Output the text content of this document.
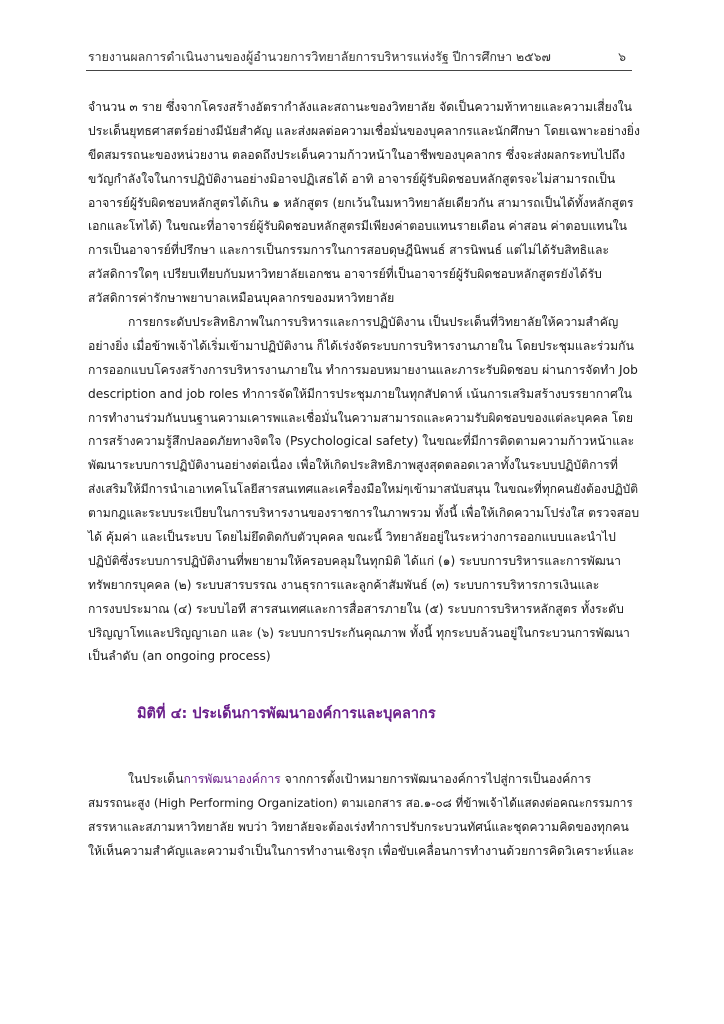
รายงานผลการดำเนินงานของผู้อำนวยการวิทยาลัยการบริหารแห่งรัฐ ปีการศึกษา ๒๕๖๗	๖
จำนวน ๓ ราย ซึ่งจากโครงสร้างอัตรากำลังและสถานะของวิทยาลัย จัดเป็นความท้าทายและความเสี่ยงใน
ประเด็นยุทธศาสตร์อย่างมีนัยสำคัญ และส่งผลต่อความเชื่อมั่นของบุคลากรและนักศึกษา โดยเฉพาะอย่างยิ่ง
ขีดสมรรถนะของหน่วยงาน ตลอดถึงประเด็นความก้าวหน้าในอาชีพของบุคลากร ซึ่งจะส่งผลกระทบไปถึง
ขวัญกำลังใจในการปฏิบัติงานอย่างมิอาจปฏิเสธได้ อาทิ อาจารย์ผู้รับผิดชอบหลักสูตรจะไม่สามารถเป็น
อาจารย์ผู้รับผิดชอบหลักสูตรได้เกิน ๑ หลักสูตร (ยกเว้นในมหาวิทยาลัยเดียวกัน สามารถเป็นได้ทั้งหลักสูตร
เอกและโทได้) ในขณะที่อาจารย์ผู้รับผิดชอบหลักสูตรมีเพียงค่าตอบแทนรายเดือน ค่าสอน ค่าตอบแทนใน
การเป็นอาจารย์ที่ปรึกษา และการเป็นกรรมการในการสอบดุษฎีนิพนธ์ สารนิพนธ์ แต่ไม่ได้รับสิทธิและ
สวัสดิการใดๆ เปรียบเทียบกับมหาวิทยาลัยเอกชน อาจารย์ที่เป็นอาจารย์ผู้รับผิดชอบหลักสูตรยังได้รับ
สวัสดิการค่ารักษาพยาบาลเหมือนบุคลากรของมหาวิทยาลัย
การยกระดับประสิทธิภาพในการบริหารและการปฏิบัติงาน เป็นประเด็นที่วิทยาลัยให้ความสำคัญ
อย่างยิ่ง เมื่อข้าพเจ้าได้เริ่มเข้ามาปฏิบัติงาน ก็ได้เร่งจัดระบบการบริหารงานภายใน โดยประชุมและร่วมกัน
การออกแบบโครงสร้างการบริหารงานภายใน ทำการมอบหมายงานและภาระรับผิดชอบ ผ่านการจัดทำ Job
description and job roles ทำการจัดให้มีการประชุมภายในทุกสัปดาห์ เน้นการเสริมสร้างบรรยากาศใน
การทำงานร่วมกันบนฐานความเคารพและเชื่อมั่นในความสามารถและความรับผิดชอบของแต่ละบุคคล โดย
การสร้างความรู้สึกปลอดภัยทางจิตใจ (Psychological safety) ในขณะที่มีการติดตามความก้าวหน้าและ
พัฒนาระบบการปฏิบัติงานอย่างต่อเนื่อง เพื่อให้เกิดประสิทธิภาพสูงสุดตลอดเวลาทั้งในระบบปฏิบัติการที่
ส่งเสริมให้มีการนำเอาเทคโนโลยีสารสนเทศและเครื่องมือใหม่ๆเข้ามาสนับสนุน ในขณะที่ทุกคนยังต้องปฏิบัติ
ตามกฎและระบบระเบียบในการบริหารงานของราชการในภาพรวม ทั้งนี้ เพื่อให้เกิดความโปร่งใส ตรวจสอบ
ได้ คุ้มค่า และเป็นระบบ โดยไม่ยึดติดกับตัวบุคคล ขณะนี้ วิทยาลัยอยู่ในระหว่างการออกแบบและนำไป
ปฏิบัติซึ่งระบบการปฏิบัติงานที่พยายามให้ครอบคลุมในทุกมิติ ได้แก่ (๑) ระบบการบริหารและการพัฒนา
ทรัพยากรบุคคล (๒) ระบบสารบรรณ งานธุรการและลูกค้าสัมพันธ์ (๓) ระบบการบริหารการเงินและ
การงบประมาณ (๔) ระบบไอที สารสนเทศและการสื่อสารภายใน (๕) ระบบการบริหารหลักสูตร ทั้งระดับ
ปริญญาโทและปริญญาเอก และ (๖) ระบบการประกันคุณภาพ ทั้งนี้ ทุกระบบล้วนอยู่ในกระบวนการพัฒนา
เป็นลำดับ (an ongoing process)
มิติที่ ๔: ประเด็นการพัฒนาองค์การและบุคลากร
ในประเด็นการพัฒนาองค์การ จากการตั้งเป้าหมายการพัฒนาองค์การไปสู่การเป็นองค์การ
สมรรถนะสูง (High Performing Organization) ตามเอกสาร สอ.๑-๐๘ ที่ข้าพเจ้าได้แสดงต่อคณะกรรมการ
สรรหาและสภามหาวิทยาลัย พบว่า วิทยาลัยจะต้องเร่งทำการปรับกระบวนทัศน์และชุดความคิดของทุกคน
ให้เห็นความสำคัญและความจำเป็นในการทำงานเชิงรุก เพื่อขับเคลื่อนการทำงานด้วยการคิดวิเคราะห์และ
